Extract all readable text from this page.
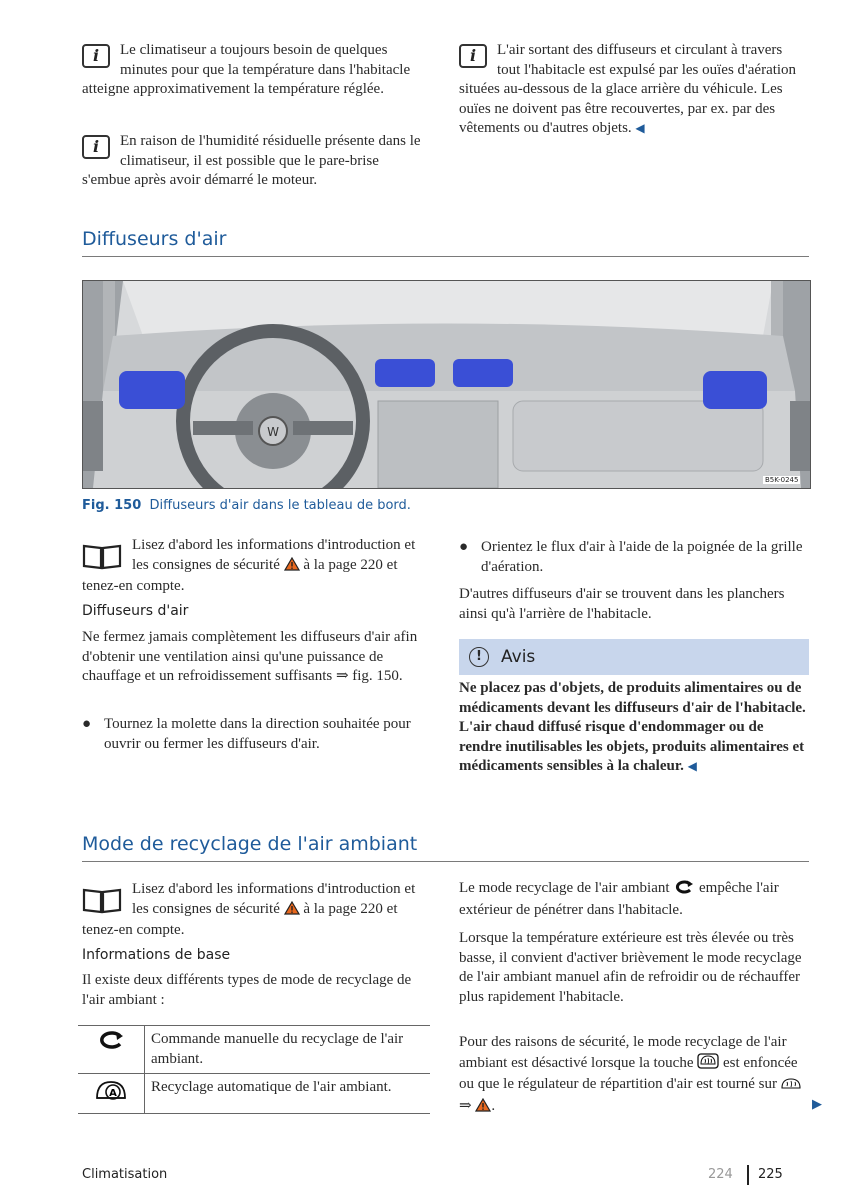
i	Le climatiseur a toujours besoin de quelques minutes pour que la température dans l'habitacle atteigne approximativement la température réglée.

i	En raison de l'humidité résiduelle présente dans le climatiseur, il est possible que le pare-brise s'embue après avoir démarré le moteur.

i	L'air sortant des diffuseurs et circulant à travers tout l'habitacle est expulsé par les ouïes d'aération situées au-dessous de la glace arrière du véhicule. Les ouïes ne doivent pas être recouvertes, par ex. par des vêtements ou d'autres objets. ◀

Diffuseurs d'air
W
B5K-0245
Fig. 150 Diffuseurs d'air dans le tableau de bord.

Lisez d'abord les informations d'introduction et les consignes de sécurité à la page 220 et tenez-en compte.

Diffuseurs d'air

Ne fermez jamais complètement les diffuseurs d'air afin d'obtenir une ventilation ainsi qu'une puissance de chauffage et un refroidissement suffisants ⇒ fig. 150.

● Tournez la molette dans la direction souhaitée pour ouvrir ou fermer les diffuseurs d'air.
● Orientez le flux d'air à l'aide de la poignée de la grille d'aération.

D'autres diffuseurs d'air se trouvent dans les planchers ainsi qu'à l'arrière de l'habitacle.

!	Avis

Ne placez pas d'objets, de produits alimentaires ou de médicaments devant les diffuseurs d'air de l'habitacle. L'air chaud diffusé risque d'endommager ou de rendre inutilisables les objets, produits alimentaires et médicaments sensibles à la chaleur. ◀

Mode de recyclage de l'air ambiant

Lisez d'abord les informations d'introduction et les consignes de sécurité à la page 220 et tenez-en compte.

Informations de base

Il existe deux différents types de mode de recyclage de l'air ambiant :

	Commande manuelle du recyclage de l'air ambiant.

A	Recyclage automatique de l'air ambiant.

Le mode recyclage de l'air ambiant empêche l'air extérieur de pénétrer dans l'habitacle.

Lorsque la température extérieure est très élevée ou très basse, il convient d'activer brièvement le mode recyclage de l'air ambiant manuel afin de refroidir ou de réchauffer plus rapidement l'habitacle.

Pour des raisons de sécurité, le mode recyclage de l'air ambiant est désactivé lorsque la touche est enfoncée ou que le régulateur de répartition d'air est tourné sur  ⇒ .	▶
Climatisation	224 225
